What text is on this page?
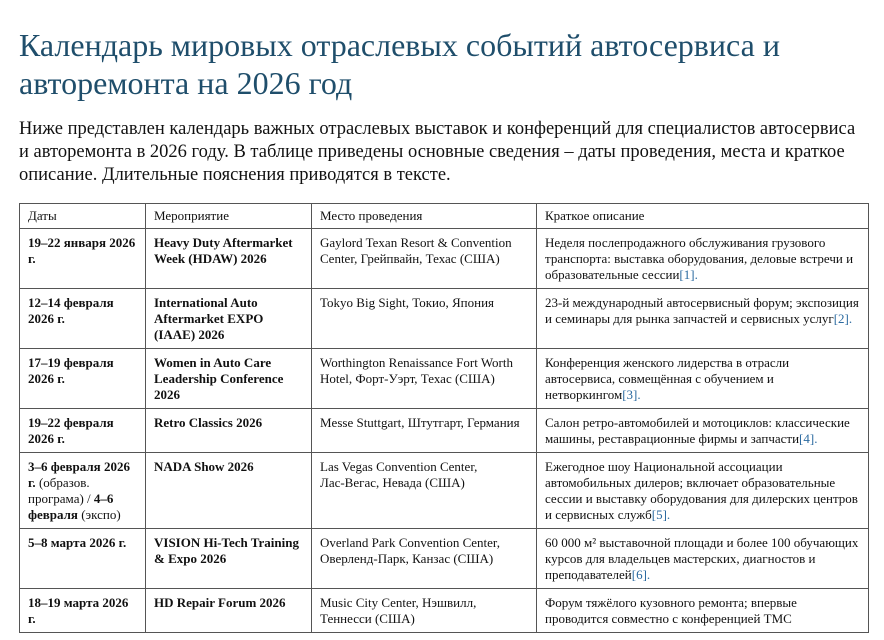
Календарь мировых отраслевых событий автосервиса и авторемонта на 2026 год

Ниже представлен календарь важных отраслевых выставок и конференций для специалистов автосервиса и авторемонта в 2026 году. В таблице приведены основные сведения – даты проведения, места и краткое описание. Длительные пояснения приводятся в тексте.

Даты	Мероприятие	Место проведения	Краткое описание
19–22 января 2026 г.	Heavy Duty Aftermarket Week (HDAW) 2026	Gaylord Texan Resort & Convention Center, Грейпвайн, Техас (США)	Неделя послепродажного обслуживания грузового транспорта: выставка оборудования, деловые встречи и образовательные сессии[1].
12–14 февраля 2026 г.	International Auto Aftermarket EXPO (IAAE) 2026	Tokyo Big Sight, Токио, Япония	23‑й международный автосервисный форум; экспозиция и семинары для рынка запчастей и сервисных услуг[2].
17–19 февраля 2026 г.	Women in Auto Care Leadership Conference 2026	Worthington Renaissance Fort Worth Hotel, Форт‑Уэрт, Техас (США)	Конференция женского лидерства в отрасли автосервиса, совмещённая с обучением и нетворкингом[3].
19–22 февраля 2026 г.	Retro Classics 2026	Messe Stuttgart, Штутгарт, Германия	Салон ретро‑автомобилей и мотоциклов: классические машины, реставрационные фирмы и запчасти[4].
3–6 февраля 2026 г. (образов. програма) / 4–6 февраля (экспо)	NADA Show 2026	Las Vegas Convention Center, Лас‑Вегас, Невада (США)	Ежегодное шоу Национальной ассоциации автомобильных дилеров; включает образовательные сессии и выставку оборудования для дилерских центров и сервисных служб[5].
5–8 марта 2026 г.	VISION Hi‑Tech Training & Expo 2026	Overland Park Convention Center, Оверленд‑Парк, Канзас (США)	60 000 м² выставочной площади и более 100 обучающих курсов для владельцев мастерских, диагностов и преподавателей[6].
18–19 марта 2026 г.	HD Repair Forum 2026	Music City Center, Нэшвилл, Теннесси (США)	Форум тяжёлого кузовного ремонта; впервые проводится совместно с конференцией TMC
